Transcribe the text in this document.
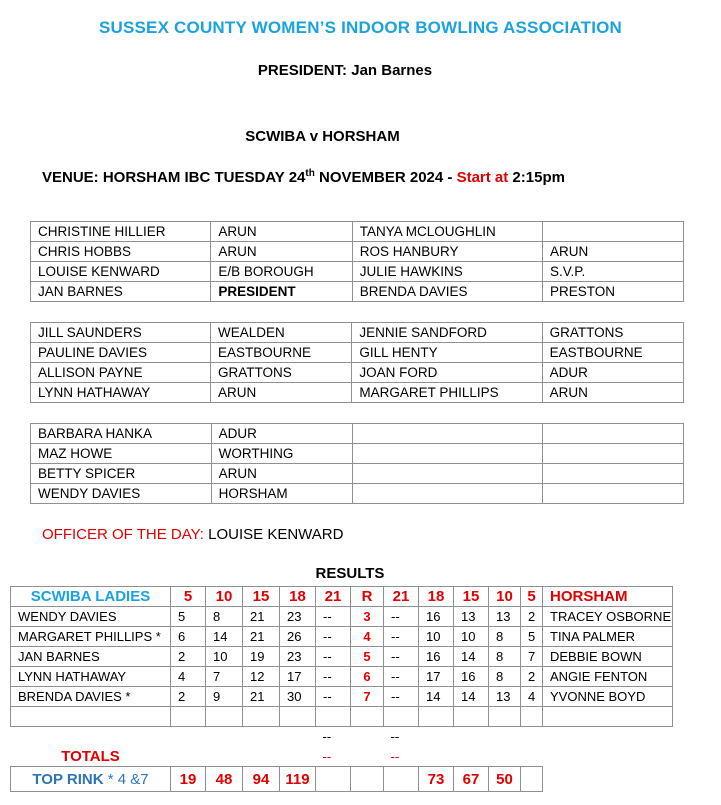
SUSSEX COUNTY WOMEN’S INDOOR BOWLING ASSOCIATION
PRESIDENT: Jan Barnes
SCWIBA v HORSHAM
VENUE: HORSHAM IBC TUESDAY 24th NOVEMBER 2024 - Start at 2:15pm
CHRISTINE HILLIER	ARUN	TANYA MCLOUGHLIN	
CHRIS HOBBS	ARUN	ROS HANBURY	ARUN
LOUISE KENWARD	E/B BOROUGH	JULIE HAWKINS	S.V.P.
JAN BARNES	PRESIDENT	BRENDA DAVIES	PRESTON
JILL SAUNDERS	WEALDEN	JENNIE SANDFORD	GRATTONS
PAULINE DAVIES	EASTBOURNE	GILL HENTY	EASTBOURNE
ALLISON PAYNE	GRATTONS	JOAN FORD	ADUR
LYNN HATHAWAY	ARUN	MARGARET PHILLIPS	ARUN
BARBARA HANKA	ADUR		
MAZ HOWE	WORTHING		
BETTY SPICER	ARUN		
WENDY DAVIES	HORSHAM		
OFFICER OF THE DAY: LOUISE KENWARD
RESULTS
SCWIBA LADIES	5	10	15	18	21	R	21	18	15	10	5	HORSHAM
WENDY DAVIES	5	8	21	23	--	3	--	16	13	13	2	TRACEY OSBORNE
MARGARET PHILLIPS *	6	14	21	26	--	4	--	10	10	8	5	TINA PALMER
JAN BARNES	2	10	19	23	--	5	--	16	14	8	7	DEBBIE BOWN
LYNN HATHAWAY	4	7	12	17	--	6	--	17	16	8	2	ANGIE FENTON
BRENDA DAVIES *	2	9	21	30	--	7	--	14	14	13	4	YVONNE BOYD

					--		--					
TOTALS					--		--					
TOP RINK * 4 &7	19	48	94	119				73	67	50		
